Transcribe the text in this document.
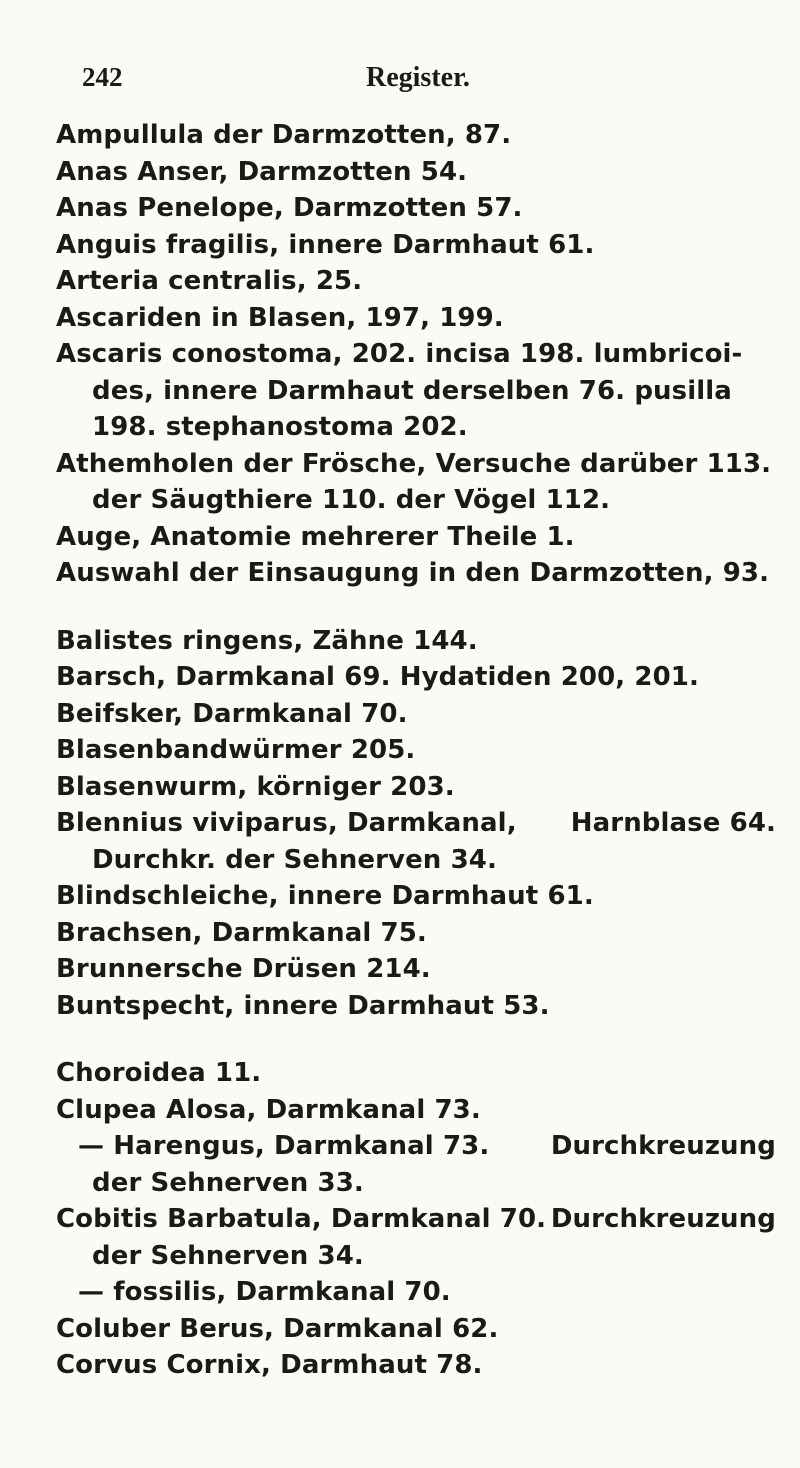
242	Register.
Ampullula der Darmzotten, 87.
Anas Anser, Darmzotten 54.
Anas Penelope, Darmzotten 57.
Anguis fragilis, innere Darmhaut 61.
Arteria centralis, 25.
Ascariden in Blasen, 197, 199.
Ascaris conostoma, 202. incisa 198. lumbricoi-
des, innere Darmhaut derselben 76. pusilla
198. stephanostoma 202.
Athemholen der Frösche, Versuche darüber 113.
der Säugthiere 110. der Vögel 112.
Auge, Anatomie mehrerer Theile 1.
Auswahl der Einsaugung in den Darmzotten, 93.
Balistes ringens, Zähne 144.
Barsch, Darmkanal 69. Hydatiden 200, 201.
Beifsker, Darmkanal 70.
Blasenbandwürmer 205.
Blasenwurm, körniger 203.
Blennius viviparus, Darmkanal, Harnblase 64.
Durchkr. der Sehnerven 34.
Blindschleiche, innere Darmhaut 61.
Brachsen, Darmkanal 75.
Brunnersche Drüsen 214.
Buntspecht, innere Darmhaut 53.
Choroidea 11.
Clupea Alosa, Darmkanal 73.
— Harengus, Darmkanal 73. Durchkreuzung
der Sehnerven 33.
Cobitis Barbatula, Darmkanal 70. Durchkreuzung
der Sehnerven 34.
— fossilis, Darmkanal 70.
Coluber Berus, Darmkanal 62.
Corvus Cornix, Darmhaut 78.
